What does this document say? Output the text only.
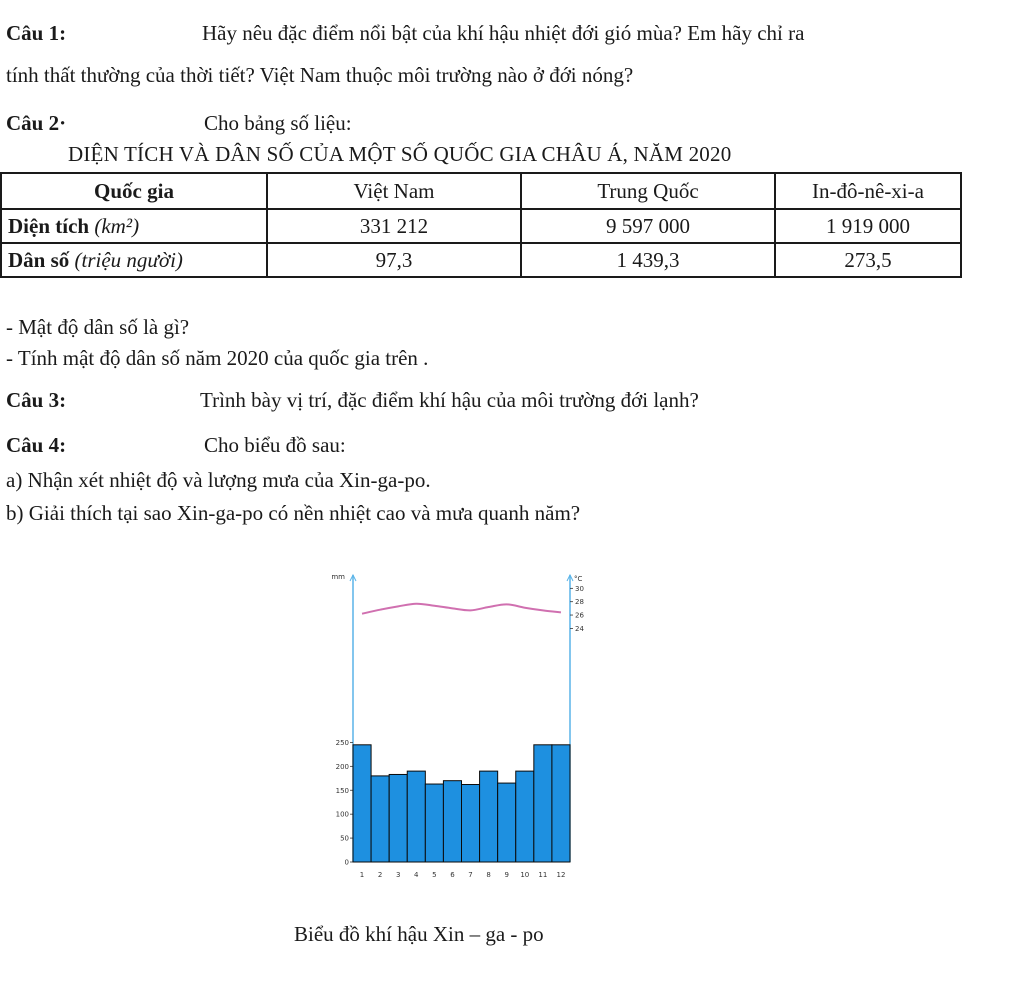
Câu 1:	Hãy nêu đặc điểm nổi bật của khí hậu nhiệt đới gió mùa? Em hãy chỉ ra
tính thất thường của thời tiết? Việt Nam thuộc môi trường nào ở đới nóng?
Câu 2·	Cho bảng số liệu:
DIỆN TÍCH VÀ DÂN SỐ CỦA MỘT SỐ QUỐC GIA CHÂU Á, NĂM 2020
Quốc gia	Việt Nam	Trung Quốc	In-đô-nê-xi-a
Diện tích (km²)	331 212	9 597 000	1 919 000
Dân số (triệu người)	97,3	1 439,3	273,5
- Mật độ dân số là gì?
- Tính mật độ dân số năm 2020 của quốc gia trên .
Câu 3:	Trình bày vị trí, đặc điểm khí hậu của môi trường đới lạnh?
Câu 4:	Cho biểu đồ sau:
a) Nhận xét nhiệt độ và lượng mưa của Xin-ga-po.
b) Giải thích tại sao Xin-ga-po có nền nhiệt cao và mưa quanh năm?
mm	°C
0
50
100
150
200
250
24
26
28
30
1 2 3 4 5 6 7 8 9 10 11 12
Biểu đồ khí hậu Xin – ga - po
